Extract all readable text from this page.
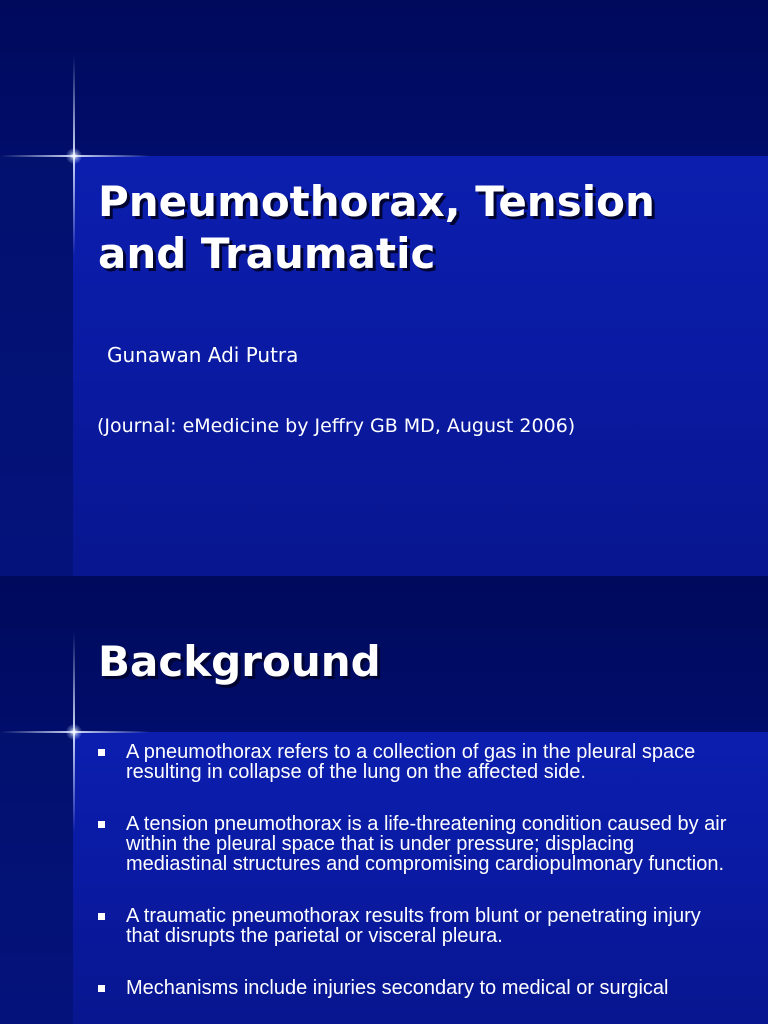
Pneumothorax, Tension and Traumatic

Gunawan Adi Putra

(Journal: eMedicine by Jeffry GB MD, August 2006)

Background
A pneumothorax refers to a collection of gas in the pleural space resulting in collapse of the lung on the affected side.
A tension pneumothorax is a life-threatening condition caused by air within the pleural space that is under pressure; displacing mediastinal structures and compromising cardiopulmonary function.
A traumatic pneumothorax results from blunt or penetrating injury that disrupts the parietal or visceral pleura.
Mechanisms include injuries secondary to medical or surgical
